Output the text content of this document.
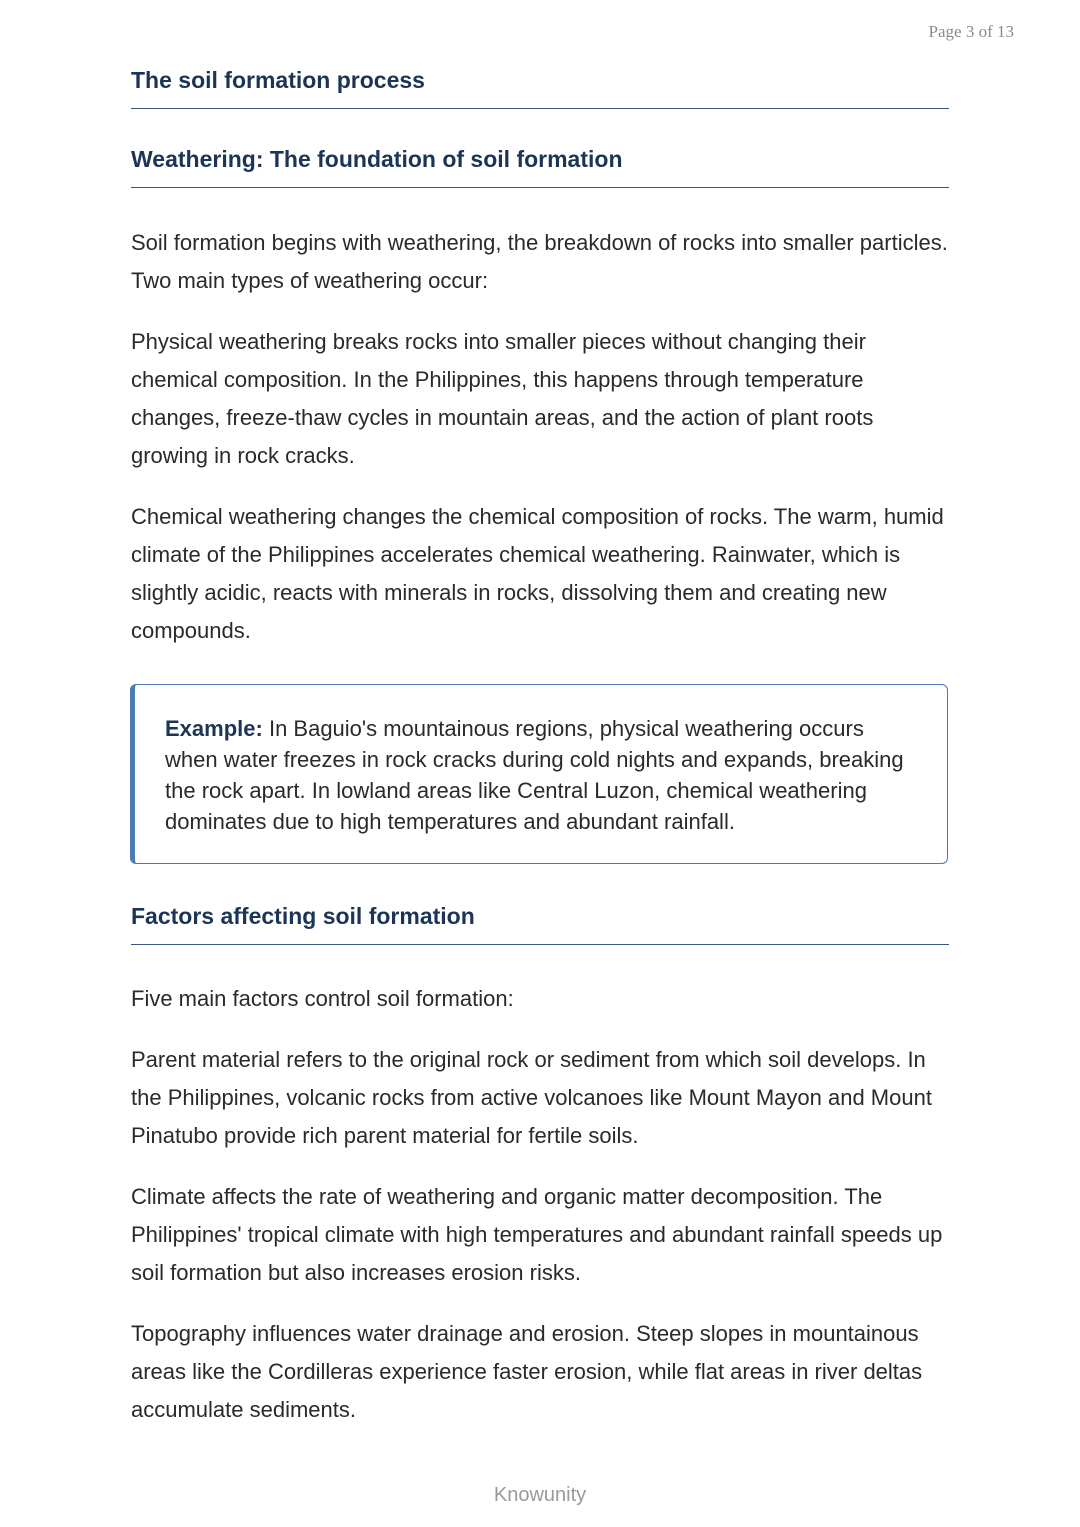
Page 3 of 13
The soil formation process
Weathering: The foundation of soil formation

Soil formation begins with weathering, the breakdown of rocks into smaller particles. Two main types of weathering occur:

Physical weathering breaks rocks into smaller pieces without changing their chemical composition. In the Philippines, this happens through temperature changes, freeze-thaw cycles in mountain areas, and the action of plant roots growing in rock cracks.

Chemical weathering changes the chemical composition of rocks. The warm, humid climate of the Philippines accelerates chemical weathering. Rainwater, which is slightly acidic, reacts with minerals in rocks, dissolving them and creating new compounds.

Example: In Baguio's mountainous regions, physical weathering occurs when water freezes in rock cracks during cold nights and expands, breaking the rock apart. In lowland areas like Central Luzon, chemical weathering dominates due to high temperatures and abundant rainfall.
Factors affecting soil formation

Five main factors control soil formation:

Parent material refers to the original rock or sediment from which soil develops. In the Philippines, volcanic rocks from active volcanoes like Mount Mayon and Mount Pinatubo provide rich parent material for fertile soils.

Climate affects the rate of weathering and organic matter decomposition. The Philippines' tropical climate with high temperatures and abundant rainfall speeds up soil formation but also increases erosion risks.

Topography influences water drainage and erosion. Steep slopes in mountainous areas like the Cordilleras experience faster erosion, while flat areas in river deltas accumulate sediments.

Knowunity
